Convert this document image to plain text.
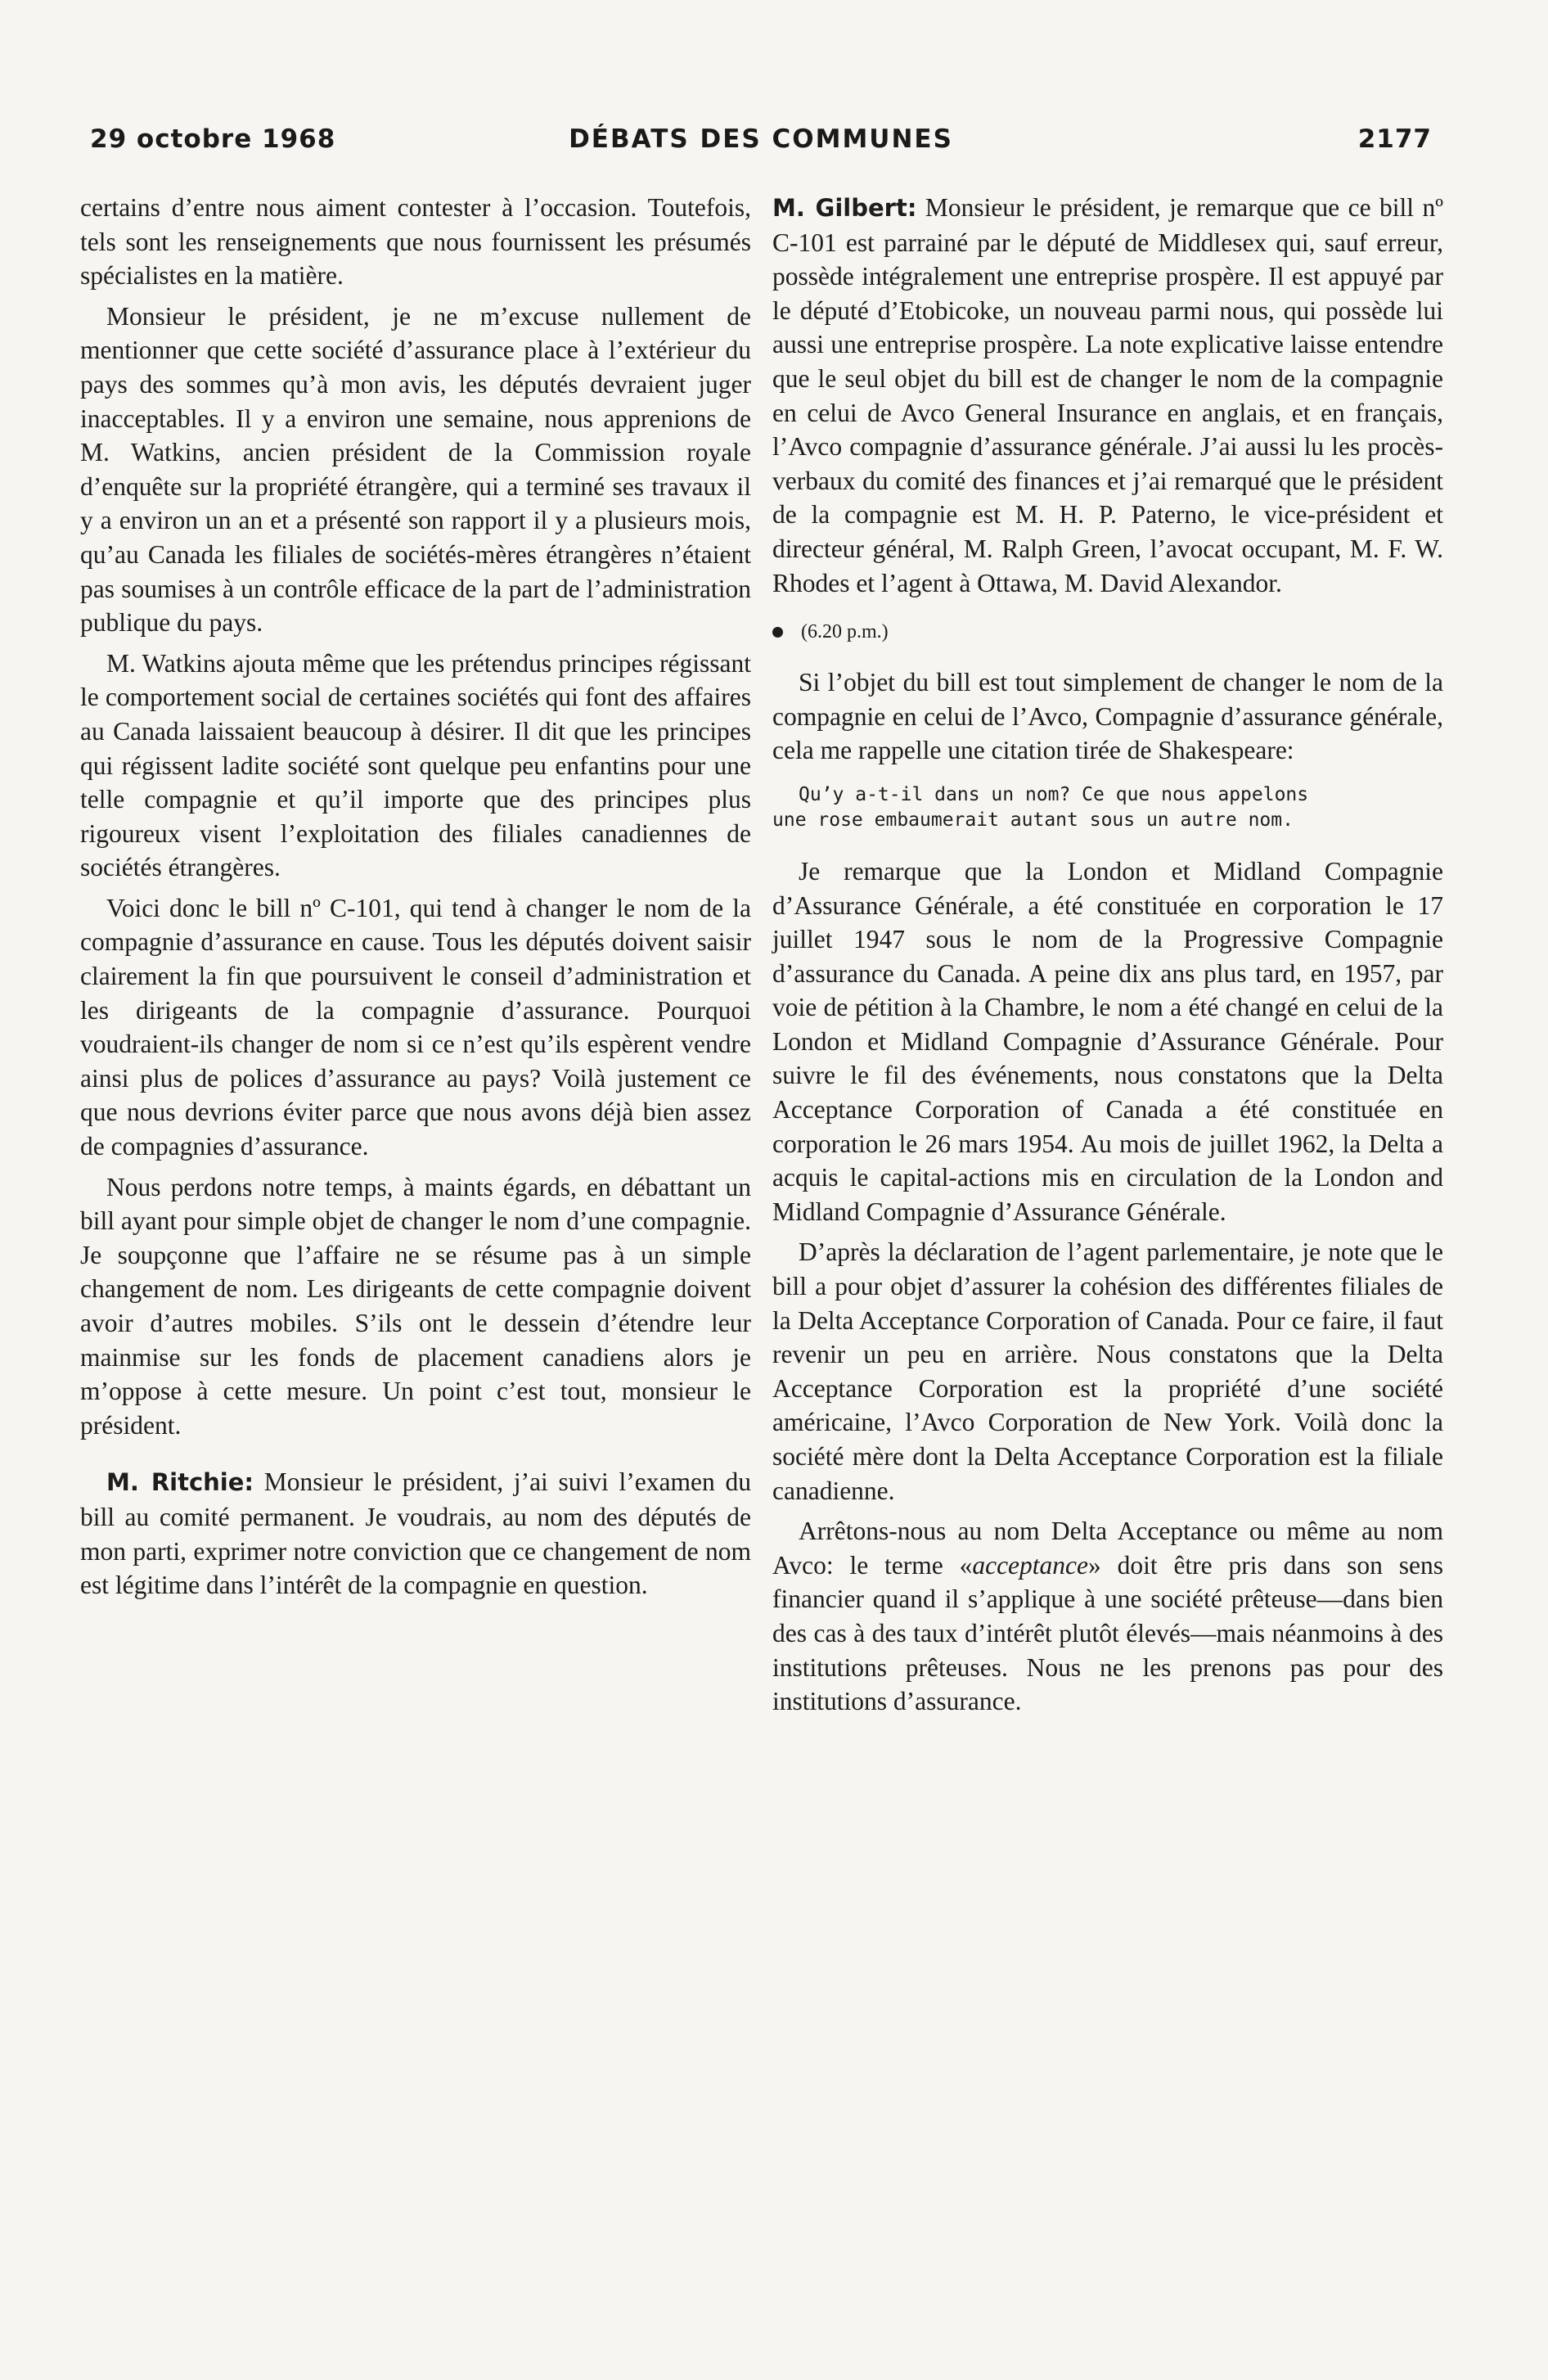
29 octobre 1968	DÉBATS DES COMMUNES	2177

certains d’entre nous aiment contester à l’occasion. Toutefois, tels sont les renseignements que nous fournissent les présumés spécialistes en la matière.

Monsieur le président, je ne m’excuse nullement de mentionner que cette société d’assurance place à l’extérieur du pays des sommes qu’à mon avis, les députés devraient juger inacceptables. Il y a environ une semaine, nous apprenions de M. Watkins, ancien président de la Commission royale d’enquête sur la propriété étrangère, qui a terminé ses travaux il y a environ un an et a présenté son rapport il y a plusieurs mois, qu’au Canada les filiales de sociétés-mères étrangères n’étaient pas soumises à un contrôle efficace de la part de l’administration publique du pays.

M. Watkins ajouta même que les prétendus principes régissant le comportement social de certaines sociétés qui font des affaires au Canada laissaient beaucoup à désirer. Il dit que les principes qui régissent ladite société sont quelque peu enfantins pour une telle compagnie et qu’il importe que des principes plus rigoureux visent l’exploitation des filiales canadiennes de sociétés étrangères.

Voici donc le bill nº C-101, qui tend à changer le nom de la compagnie d’assurance en cause. Tous les députés doivent saisir clairement la fin que poursuivent le conseil d’administration et les dirigeants de la compagnie d’assurance. Pourquoi voudraient-ils changer de nom si ce n’est qu’ils espèrent vendre ainsi plus de polices d’assurance au pays? Voilà justement ce que nous devrions éviter parce que nous avons déjà bien assez de compagnies d’assurance.

Nous perdons notre temps, à maints égards, en débattant un bill ayant pour simple objet de changer le nom d’une compagnie. Je soupçonne que l’affaire ne se résume pas à un simple changement de nom. Les dirigeants de cette compagnie doivent avoir d’autres mobiles. S’ils ont le dessein d’étendre leur mainmise sur les fonds de placement canadiens alors je m’oppose à cette mesure. Un point c’est tout, monsieur le président.

M. Ritchie: Monsieur le président, j’ai suivi l’examen du bill au comité permanent. Je voudrais, au nom des députés de mon parti, exprimer notre conviction que ce changement de nom est légitime dans l’intérêt de la compagnie en question.

M. Gilbert: Monsieur le président, je remarque que ce bill nº C-101 est parrainé par le député de Middlesex qui, sauf erreur, possède intégralement une entreprise prospère. Il est appuyé par le député d’Etobicoke, un nouveau parmi nous, qui possède lui aussi une entreprise prospère. La note explicative laisse entendre que le seul objet du bill est de changer le nom de la compagnie en celui de Avco General Insurance en anglais, et en français, l’Avco compagnie d’assurance générale. J’ai aussi lu les procès-verbaux du comité des finances et j’ai remarqué que le président de la compagnie est M. H. P. Paterno, le vice-président et directeur général, M. Ralph Green, l’avocat occupant, M. F. W. Rhodes et l’agent à Ottawa, M. David Alexandor.

(6.20 p.m.)

Si l’objet du bill est tout simplement de changer le nom de la compagnie en celui de l’Avco, Compagnie d’assurance générale, cela me rappelle une citation tirée de Shakespeare:

Qu’y a-t-il dans un nom? Ce que nous appelons
une rose embaumerait autant sous un autre nom.

Je remarque que la London et Midland Compagnie d’Assurance Générale, a été constituée en corporation le 17 juillet 1947 sous le nom de la Progressive Compagnie d’assurance du Canada. A peine dix ans plus tard, en 1957, par voie de pétition à la Chambre, le nom a été changé en celui de la London et Midland Compagnie d’Assurance Générale. Pour suivre le fil des événements, nous constatons que la Delta Acceptance Corporation of Canada a été constituée en corporation le 26 mars 1954. Au mois de juillet 1962, la Delta a acquis le capital-actions mis en circulation de la London and Midland Compagnie d’Assurance Générale.

D’après la déclaration de l’agent parlementaire, je note que le bill a pour objet d’assurer la cohésion des différentes filiales de la Delta Acceptance Corporation of Canada. Pour ce faire, il faut revenir un peu en arrière. Nous constatons que la Delta Acceptance Corporation est la propriété d’une société américaine, l’Avco Corporation de New York. Voilà donc la société mère dont la Delta Acceptance Corporation est la filiale canadienne.

Arrêtons-nous au nom Delta Acceptance ou même au nom Avco: le terme «acceptance» doit être pris dans son sens financier quand il s’applique à une société prêteuse—dans bien des cas à des taux d’intérêt plutôt élevés—mais néanmoins à des institutions prêteuses. Nous ne les prenons pas pour des institutions d’assurance.
